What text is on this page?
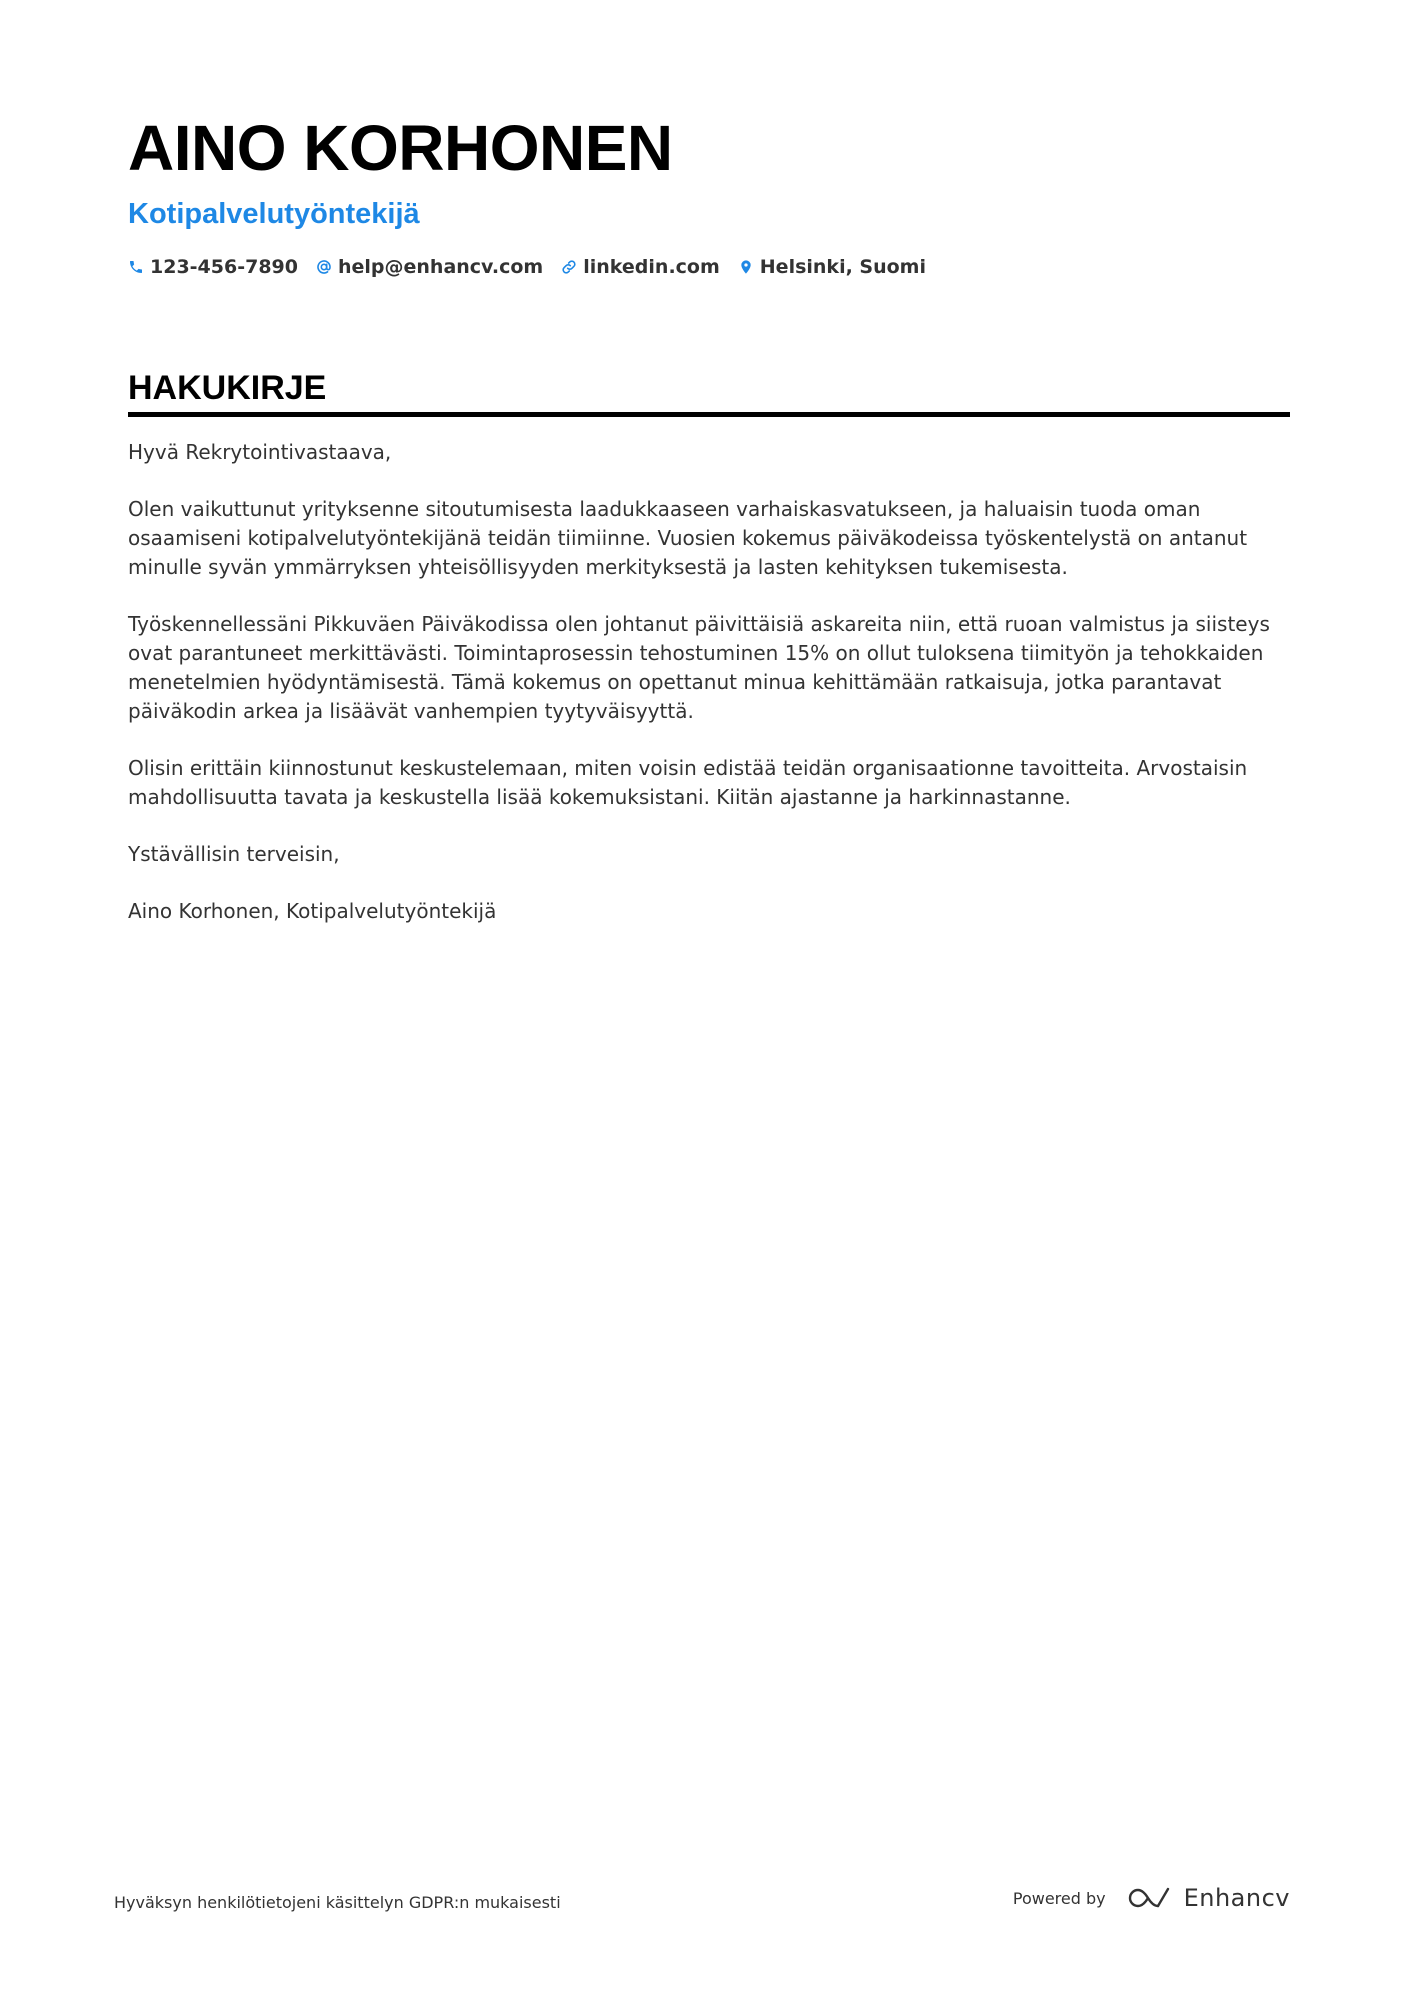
AINO KORHONEN
Kotipalvelutyöntekijä
123-456-7890 help@enhancv.com linkedin.com Helsinki, Suomi
HAKUKIRJE

Hyvä Rekrytointivastaava,

Olen vaikuttunut yrityksenne sitoutumisesta laadukkaaseen varhaiskasvatukseen, ja haluaisin tuoda oman osaamiseni kotipalvelutyöntekijänä teidän tiimiinne. Vuosien kokemus päiväkodeissa työskentelystä on antanut minulle syvän ymmärryksen yhteisöllisyyden merkityksestä ja lasten kehityksen tukemisesta.

Työskennellessäni Pikkuväen Päiväkodissa olen johtanut päivittäisiä askareita niin, että ruoan valmistus ja siisteys ovat parantuneet merkittävästi. Toimintaprosessin tehostuminen 15% on ollut tuloksena tiimityön ja tehokkaiden menetelmien hyödyntämisestä. Tämä kokemus on opettanut minua kehittämään ratkaisuja, jotka parantavat päiväkodin arkea ja lisäävät vanhempien tyytyväisyyttä.

Olisin erittäin kiinnostunut keskustelemaan, miten voisin edistää teidän organisaationne tavoitteita. Arvostaisin mahdollisuutta tavata ja keskustella lisää kokemuksistani. Kiitän ajastanne ja harkinnastanne.

Ystävällisin terveisin,

Aino Korhonen, Kotipalvelutyöntekijä

Hyväksyn henkilötietojeni käsittelyn GDPR:n mukaisesti	Powered by	Enhancv
